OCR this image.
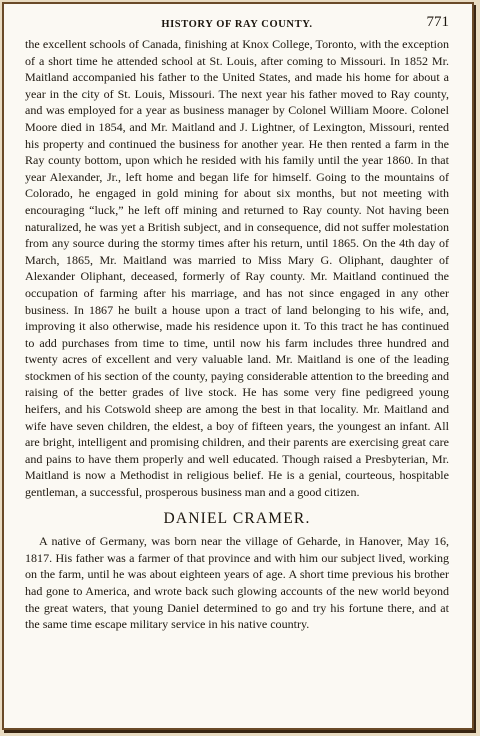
HISTORY OF RAY COUNTY.	771

the excellent schools of Canada, finishing at Knox College, Toronto, with the exception of a short time he attended school at St. Louis, after coming to Missouri. In 1852 Mr. Maitland accompanied his father to the United States, and made his home for about a year in the city of St. Louis, Missouri. The next year his father moved to Ray county, and was employed for a year as business manager by Colonel William Moore. Colonel Moore died in 1854, and Mr. Maitland and J. Lightner, of Lexington, Missouri, rented his property and continued the business for another year. He then rented a farm in the Ray county bottom, upon which he resided with his family until the year 1860. In that year Alexander, Jr., left home and began life for himself. Going to the mountains of Colorado, he engaged in gold mining for about six months, but not meeting with encouraging “luck,” he left off mining and returned to Ray county. Not having been naturalized, he was yet a British subject, and in consequence, did not suffer molestation from any source during the stormy times after his return, until 1865. On the 4th day of March, 1865, Mr. Maitland was married to Miss Mary G. Oliphant, daughter of Alexander Oliphant, deceased, formerly of Ray county. Mr. Maitland continued the occupation of farming after his marriage, and has not since engaged in any other business. In 1867 he built a house upon a tract of land belonging to his wife, and, improving it also otherwise, made his residence upon it. To this tract he has continued to add purchases from time to time, until now his farm includes three hundred and twenty acres of excellent and very valuable land. Mr. Maitland is one of the leading stockmen of his section of the county, paying considerable attention to the breeding and raising of the better grades of live stock. He has some very fine pedigreed young heifers, and his Cotswold sheep are among the best in that locality. Mr. Maitland and wife have seven children, the eldest, a boy of fifteen years, the youngest an infant. All are bright, intelligent and promising children, and their parents are exercising great care and pains to have them properly and well educated. Though raised a Presbyterian, Mr. Maitland is now a Methodist in religious belief. He is a genial, courteous, hospitable gentleman, a successful, prosperous business man and a good citizen.

DANIEL CRAMER.

A native of Germany, was born near the village of Geharde, in Hanover, May 16, 1817. His father was a farmer of that province and with him our subject lived, working on the farm, until he was about eighteen years of age. A short time previous his brother had gone to America, and wrote back such glowing accounts of the new world beyond the great waters, that young Daniel determined to go and try his fortune there, and at the same time escape military service in his native country.
